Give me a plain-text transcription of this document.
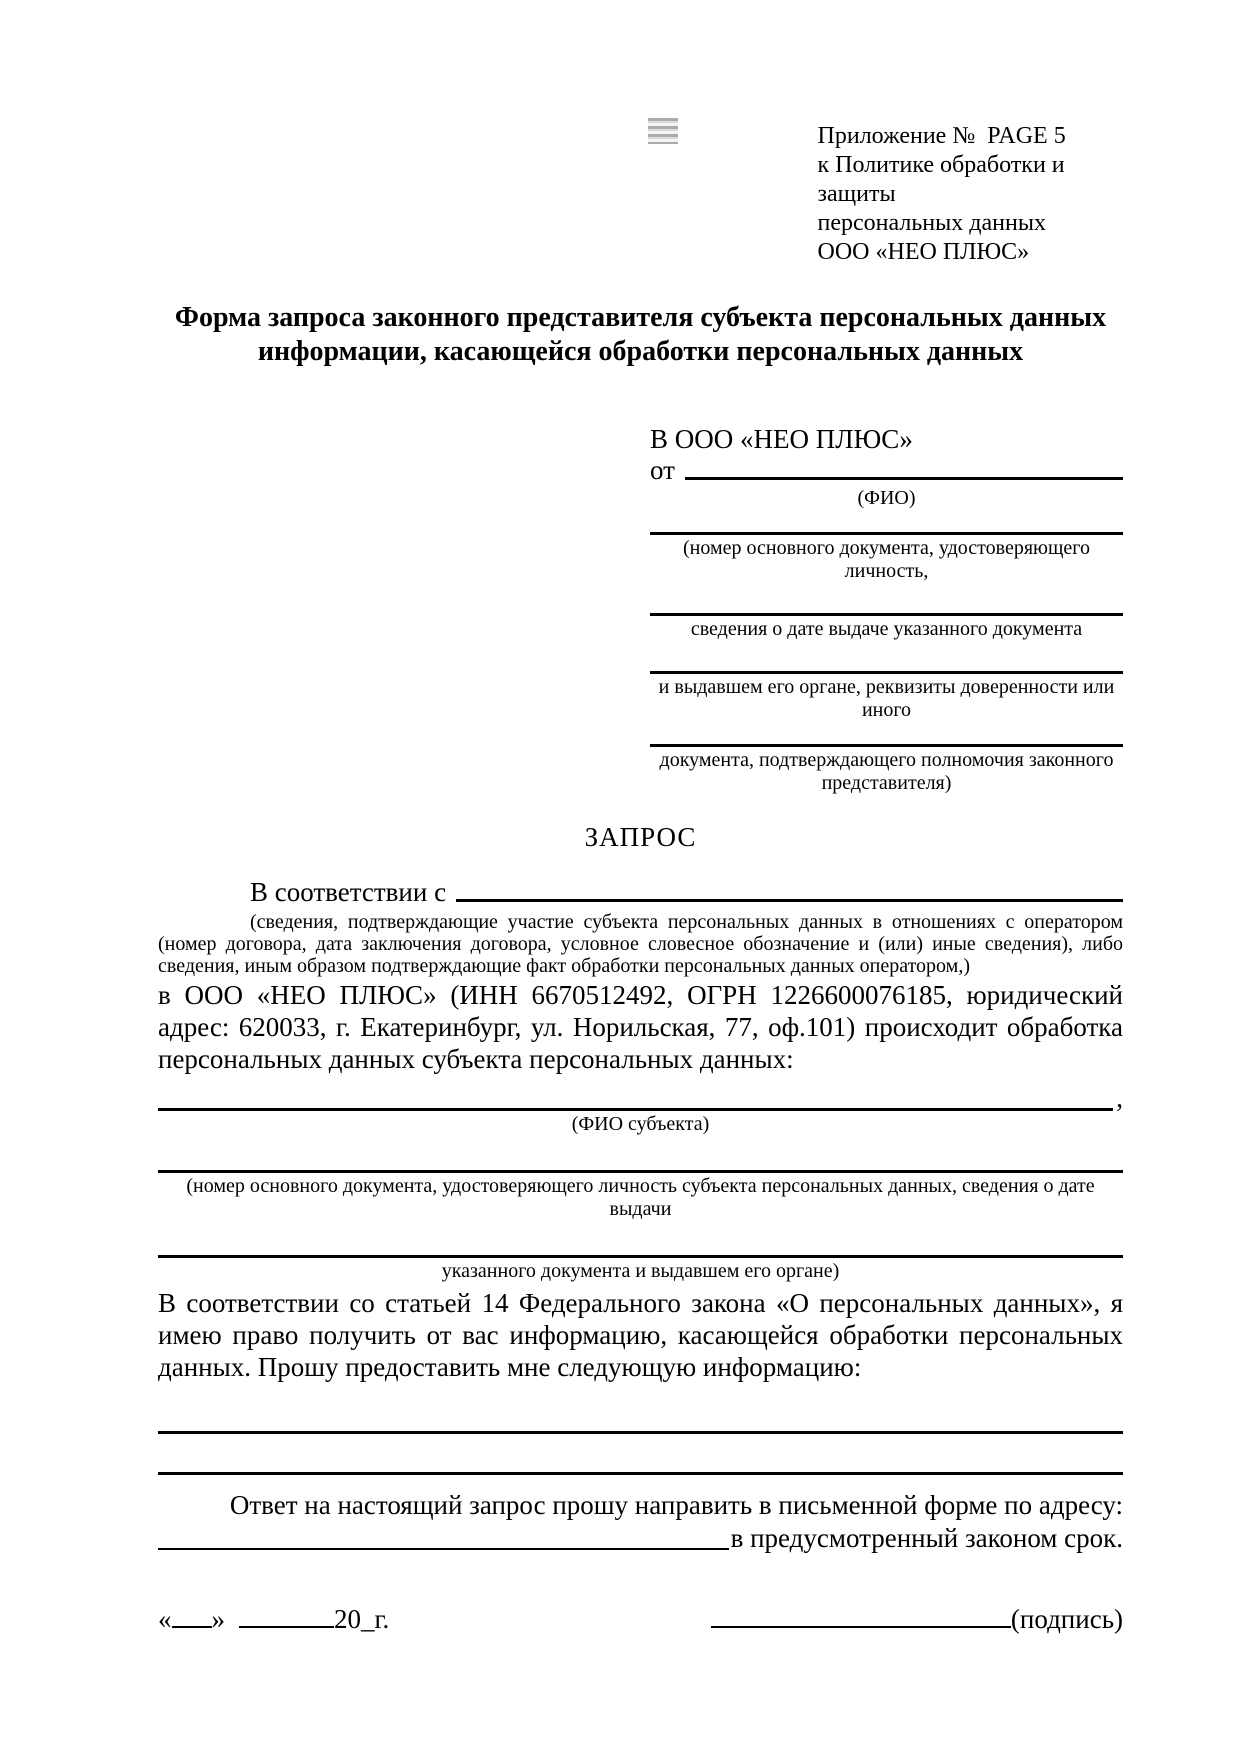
Приложение №  PAGE 5
к Политике обработки и защиты
персональных данных
ООО «НЕО ПЛЮС»
Форма запроса законного представителя субъекта персональных данных
информации, касающейся обработки персональных данных
В ООО «НЕО ПЛЮС»
от
(ФИО)
(номер основного документа, удостоверяющего личность,
сведения о дате выдаче указанного документа
и выдавшем его органе, реквизиты доверенности или иного
документа, подтверждающего полномочия законного представителя)
ЗАПРОС
В соответствии с
(сведения, подтверждающие участие субъекта персональных данных в отношениях с оператором (номер договора, дата заключения договора, условное словесное обозначение и (или) иные сведения), либо сведения, иным образом подтверждающие факт обработки персональных данных оператором,)
в ООО «НЕО ПЛЮС» (ИНН 6670512492, ОГРН 1226600076185, юридический адрес: 620033, г. Екатеринбург, ул. Норильская, 77, оф.101) происходит обработка персональных данных субъекта персональных данных:
,
(ФИО субъекта)
(номер основного документа, удостоверяющего личность субъекта персональных данных, сведения о дате выдачи
указанного документа и выдавшем его органе)
В соответствии со статьей 14 Федерального закона «О персональных данных», я имею право получить от вас информацию, касающейся обработки персональных данных. Прошу предоставить мне следующую информацию:
Ответ на настоящий запрос прошу направить в письменной форме по адресу:
в предусмотренный законом срок.
« »	20_г.	(подпись)
